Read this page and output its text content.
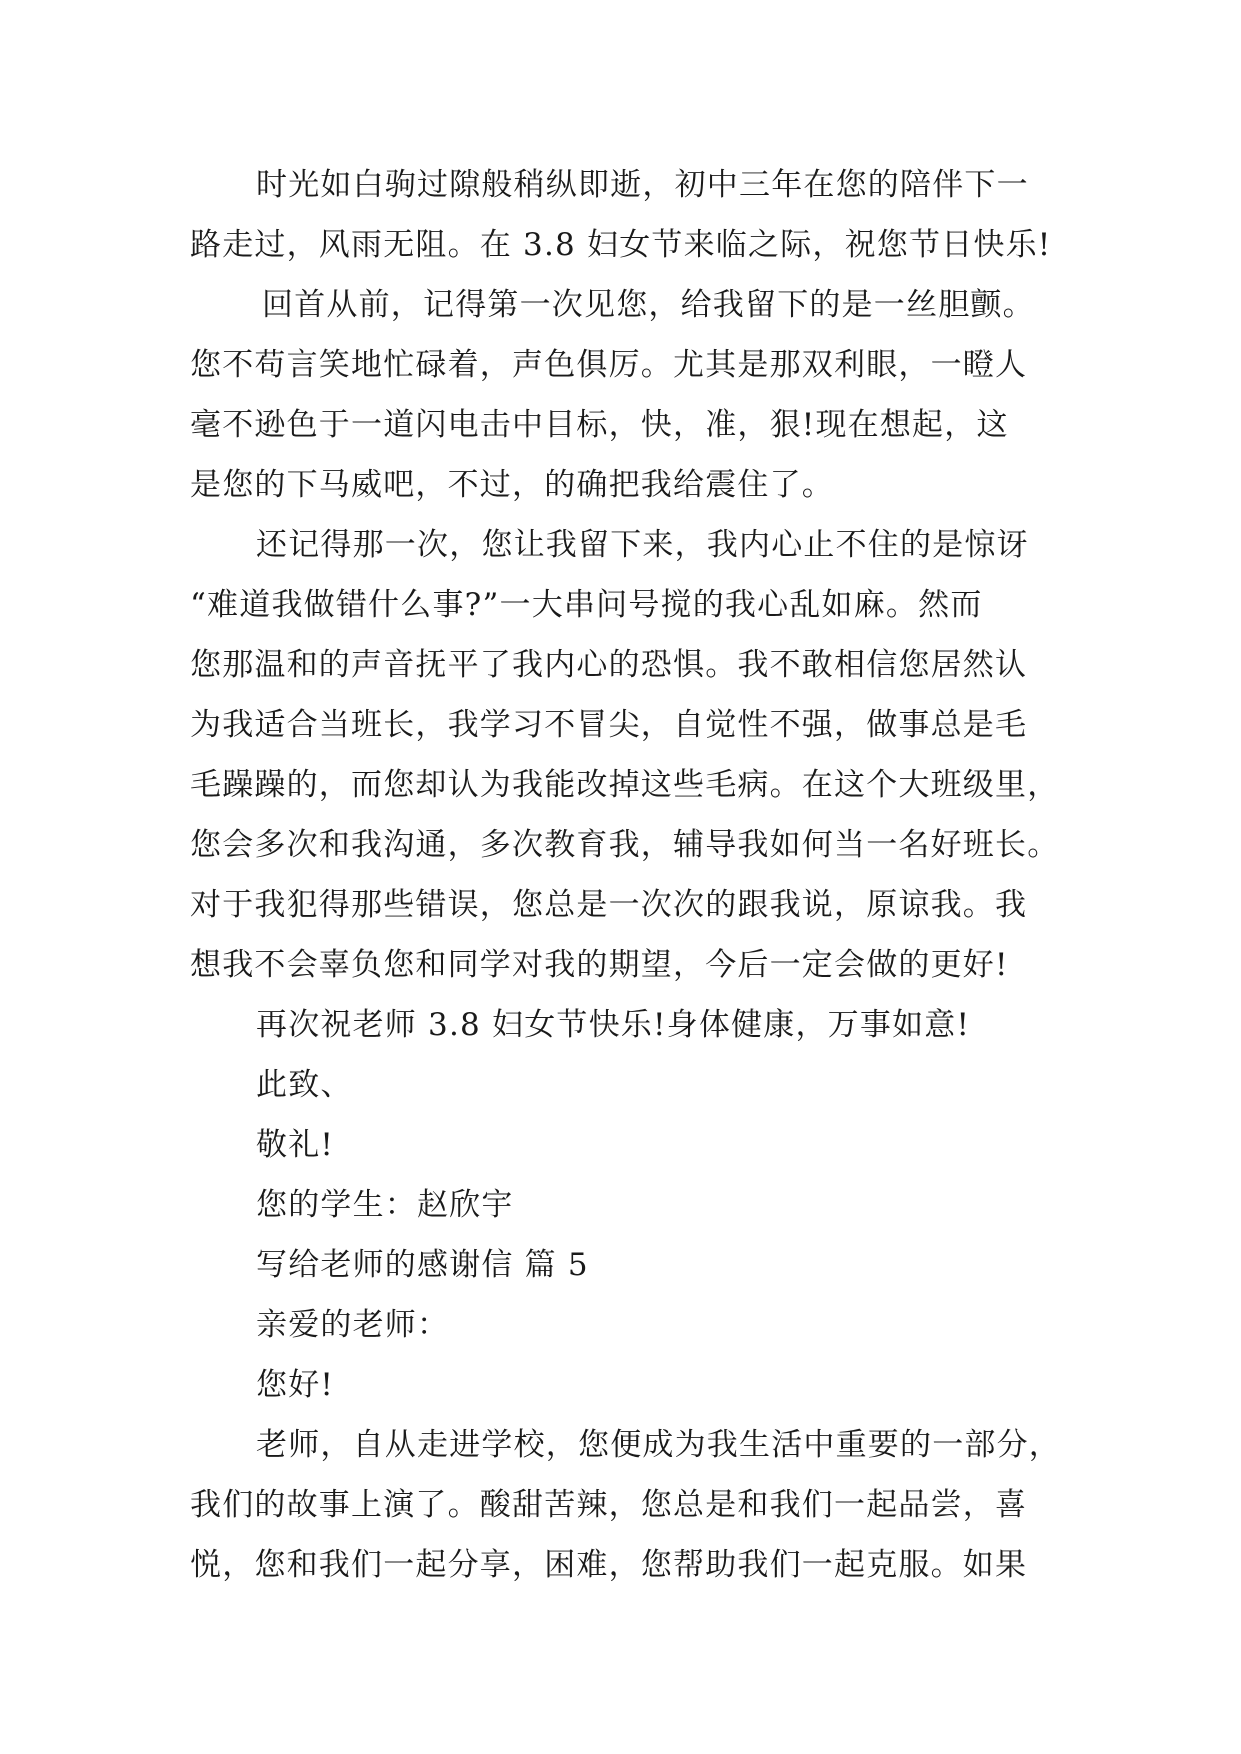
时光如白驹过隙般稍纵即逝，初中三年在您的陪伴下一
路走过，风雨无阻。在 3.8 妇女节来临之际，祝您节日快乐!
回首从前，记得第一次见您，给我留下的是一丝胆颤。
您不苟言笑地忙碌着，声色俱厉。尤其是那双利眼，一瞪人
毫不逊色于一道闪电击中目标，快，准，狠!现在想起，这
是您的下马威吧，不过，的确把我给震住了。
还记得那一次，您让我留下来，我内心止不住的是惊讶
“难道我做错什么事?”一大串问号搅的我心乱如麻。然而
您那温和的声音抚平了我内心的恐惧。我不敢相信您居然认
为我适合当班长，我学习不冒尖，自觉性不强，做事总是毛
毛躁躁的，而您却认为我能改掉这些毛病。在这个大班级里，
您会多次和我沟通，多次教育我，辅导我如何当一名好班长。
对于我犯得那些错误，您总是一次次的跟我说，原谅我。我
想我不会辜负您和同学对我的期望，今后一定会做的更好!
再次祝老师 3.8 妇女节快乐!身体健康，万事如意!
此致、
敬礼!
您的学生：赵欣宇
写给老师的感谢信 篇 5
亲爱的老师：
您好!
老师，自从走进学校，您便成为我生活中重要的一部分，
我们的故事上演了。酸甜苦辣，您总是和我们一起品尝，喜
悦，您和我们一起分享，困难，您帮助我们一起克服。如果
